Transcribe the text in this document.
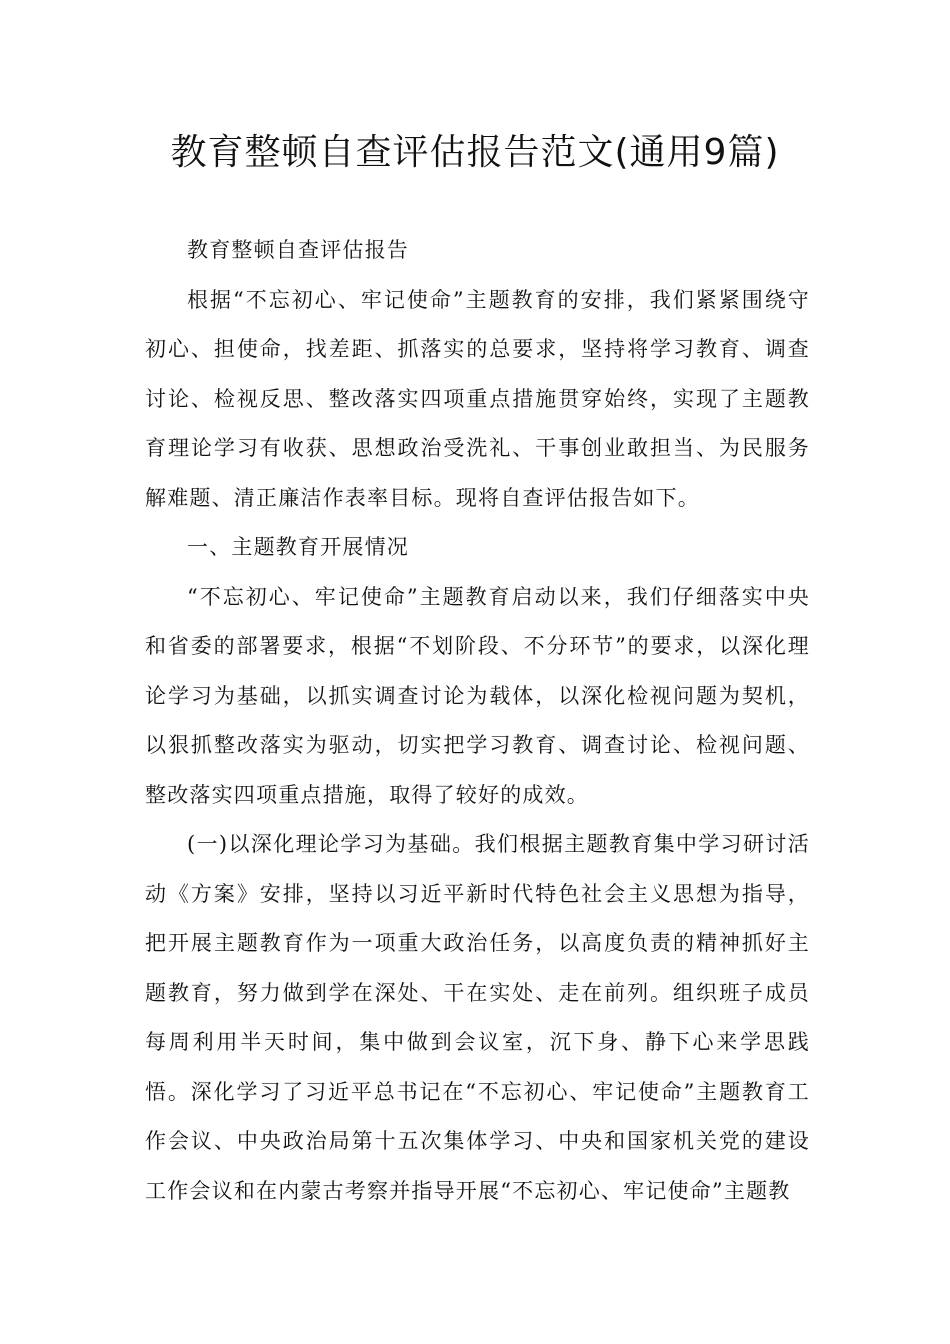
教育整顿自查评估报告范文(通用9篇)

教育整顿自查评估报告

根据“不忘初心、牢记使命”主题教育的安排，我们紧紧围绕守初心、担使命，找差距、抓落实的总要求，坚持将学习教育、调查讨论、检视反思、整改落实四项重点措施贯穿始终，实现了主题教育理论学习有收获、思想政治受洗礼、干事创业敢担当、为民服务解难题、清正廉洁作表率目标。现将自查评估报告如下。

一、主题教育开展情况

“不忘初心、牢记使命”主题教育启动以来，我们仔细落实中央和省委的部署要求，根据“不划阶段、不分环节”的要求，以深化理论学习为基础，以抓实调查讨论为载体，以深化检视问题为契机，以狠抓整改落实为驱动，切实把学习教育、调查讨论、检视问题、整改落实四项重点措施，取得了较好的成效。

(一)以深化理论学习为基础。我们根据主题教育集中学习研讨活动《方案》安排，坚持以习近平新时代特色社会主义思想为指导，把开展主题教育作为一项重大政治任务，以高度负责的精神抓好主题教育，努力做到学在深处、干在实处、走在前列。组织班子成员每周利用半天时间，集中做到会议室，沉下身、静下心来学思践悟。深化学习了习近平总书记在“不忘初心、牢记使命”主题教育工作会议、中央政治局第十五次集体学习、中央和国家机关党的建设工作会议和在内蒙古考察并指导开展“不忘初心、牢记使命”主题教
